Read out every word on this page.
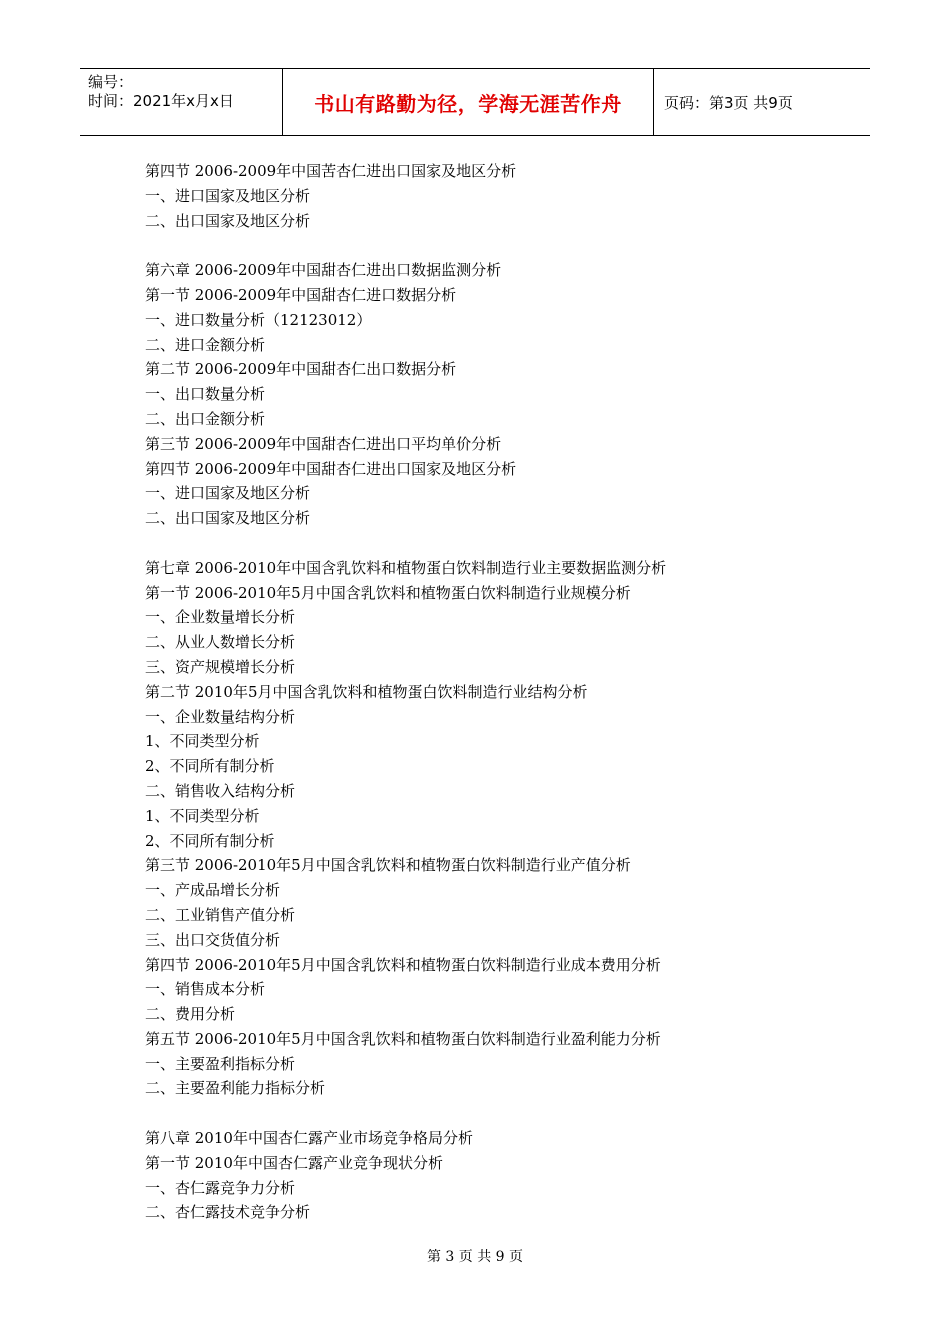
编号：
时间：2021年x月x日	书山有路勤为径，学海无涯苦作舟	页码：第3页 共9页
第四节 2006-2009年中国苦杏仁进出口国家及地区分析
一、进口国家及地区分析
二、出口国家及地区分析
第六章 2006-2009年中国甜杏仁进出口数据监测分析
第一节 2006-2009年中国甜杏仁进口数据分析
一、进口数量分析（12123012）
二、进口金额分析
第二节 2006-2009年中国甜杏仁出口数据分析
一、出口数量分析
二、出口金额分析
第三节 2006-2009年中国甜杏仁进出口平均单价分析
第四节 2006-2009年中国甜杏仁进出口国家及地区分析
一、进口国家及地区分析
二、出口国家及地区分析
第七章 2006-2010年中国含乳饮料和植物蛋白饮料制造行业主要数据监测分析
第一节 2006-2010年5月中国含乳饮料和植物蛋白饮料制造行业规模分析
一、企业数量增长分析
二、从业人数增长分析
三、资产规模增长分析
第二节 2010年5月中国含乳饮料和植物蛋白饮料制造行业结构分析
一、企业数量结构分析
1、不同类型分析
2、不同所有制分析
二、销售收入结构分析
1、不同类型分析
2、不同所有制分析
第三节 2006-2010年5月中国含乳饮料和植物蛋白饮料制造行业产值分析
一、产成品增长分析
二、工业销售产值分析
三、出口交货值分析
第四节 2006-2010年5月中国含乳饮料和植物蛋白饮料制造行业成本费用分析
一、销售成本分析
二、费用分析
第五节 2006-2010年5月中国含乳饮料和植物蛋白饮料制造行业盈利能力分析
一、主要盈利指标分析
二、主要盈利能力指标分析
第八章 2010年中国杏仁露产业市场竞争格局分析
第一节 2010年中国杏仁露产业竞争现状分析
一、杏仁露竞争力分析
二、杏仁露技术竞争分析
第 3 页 共 9 页
